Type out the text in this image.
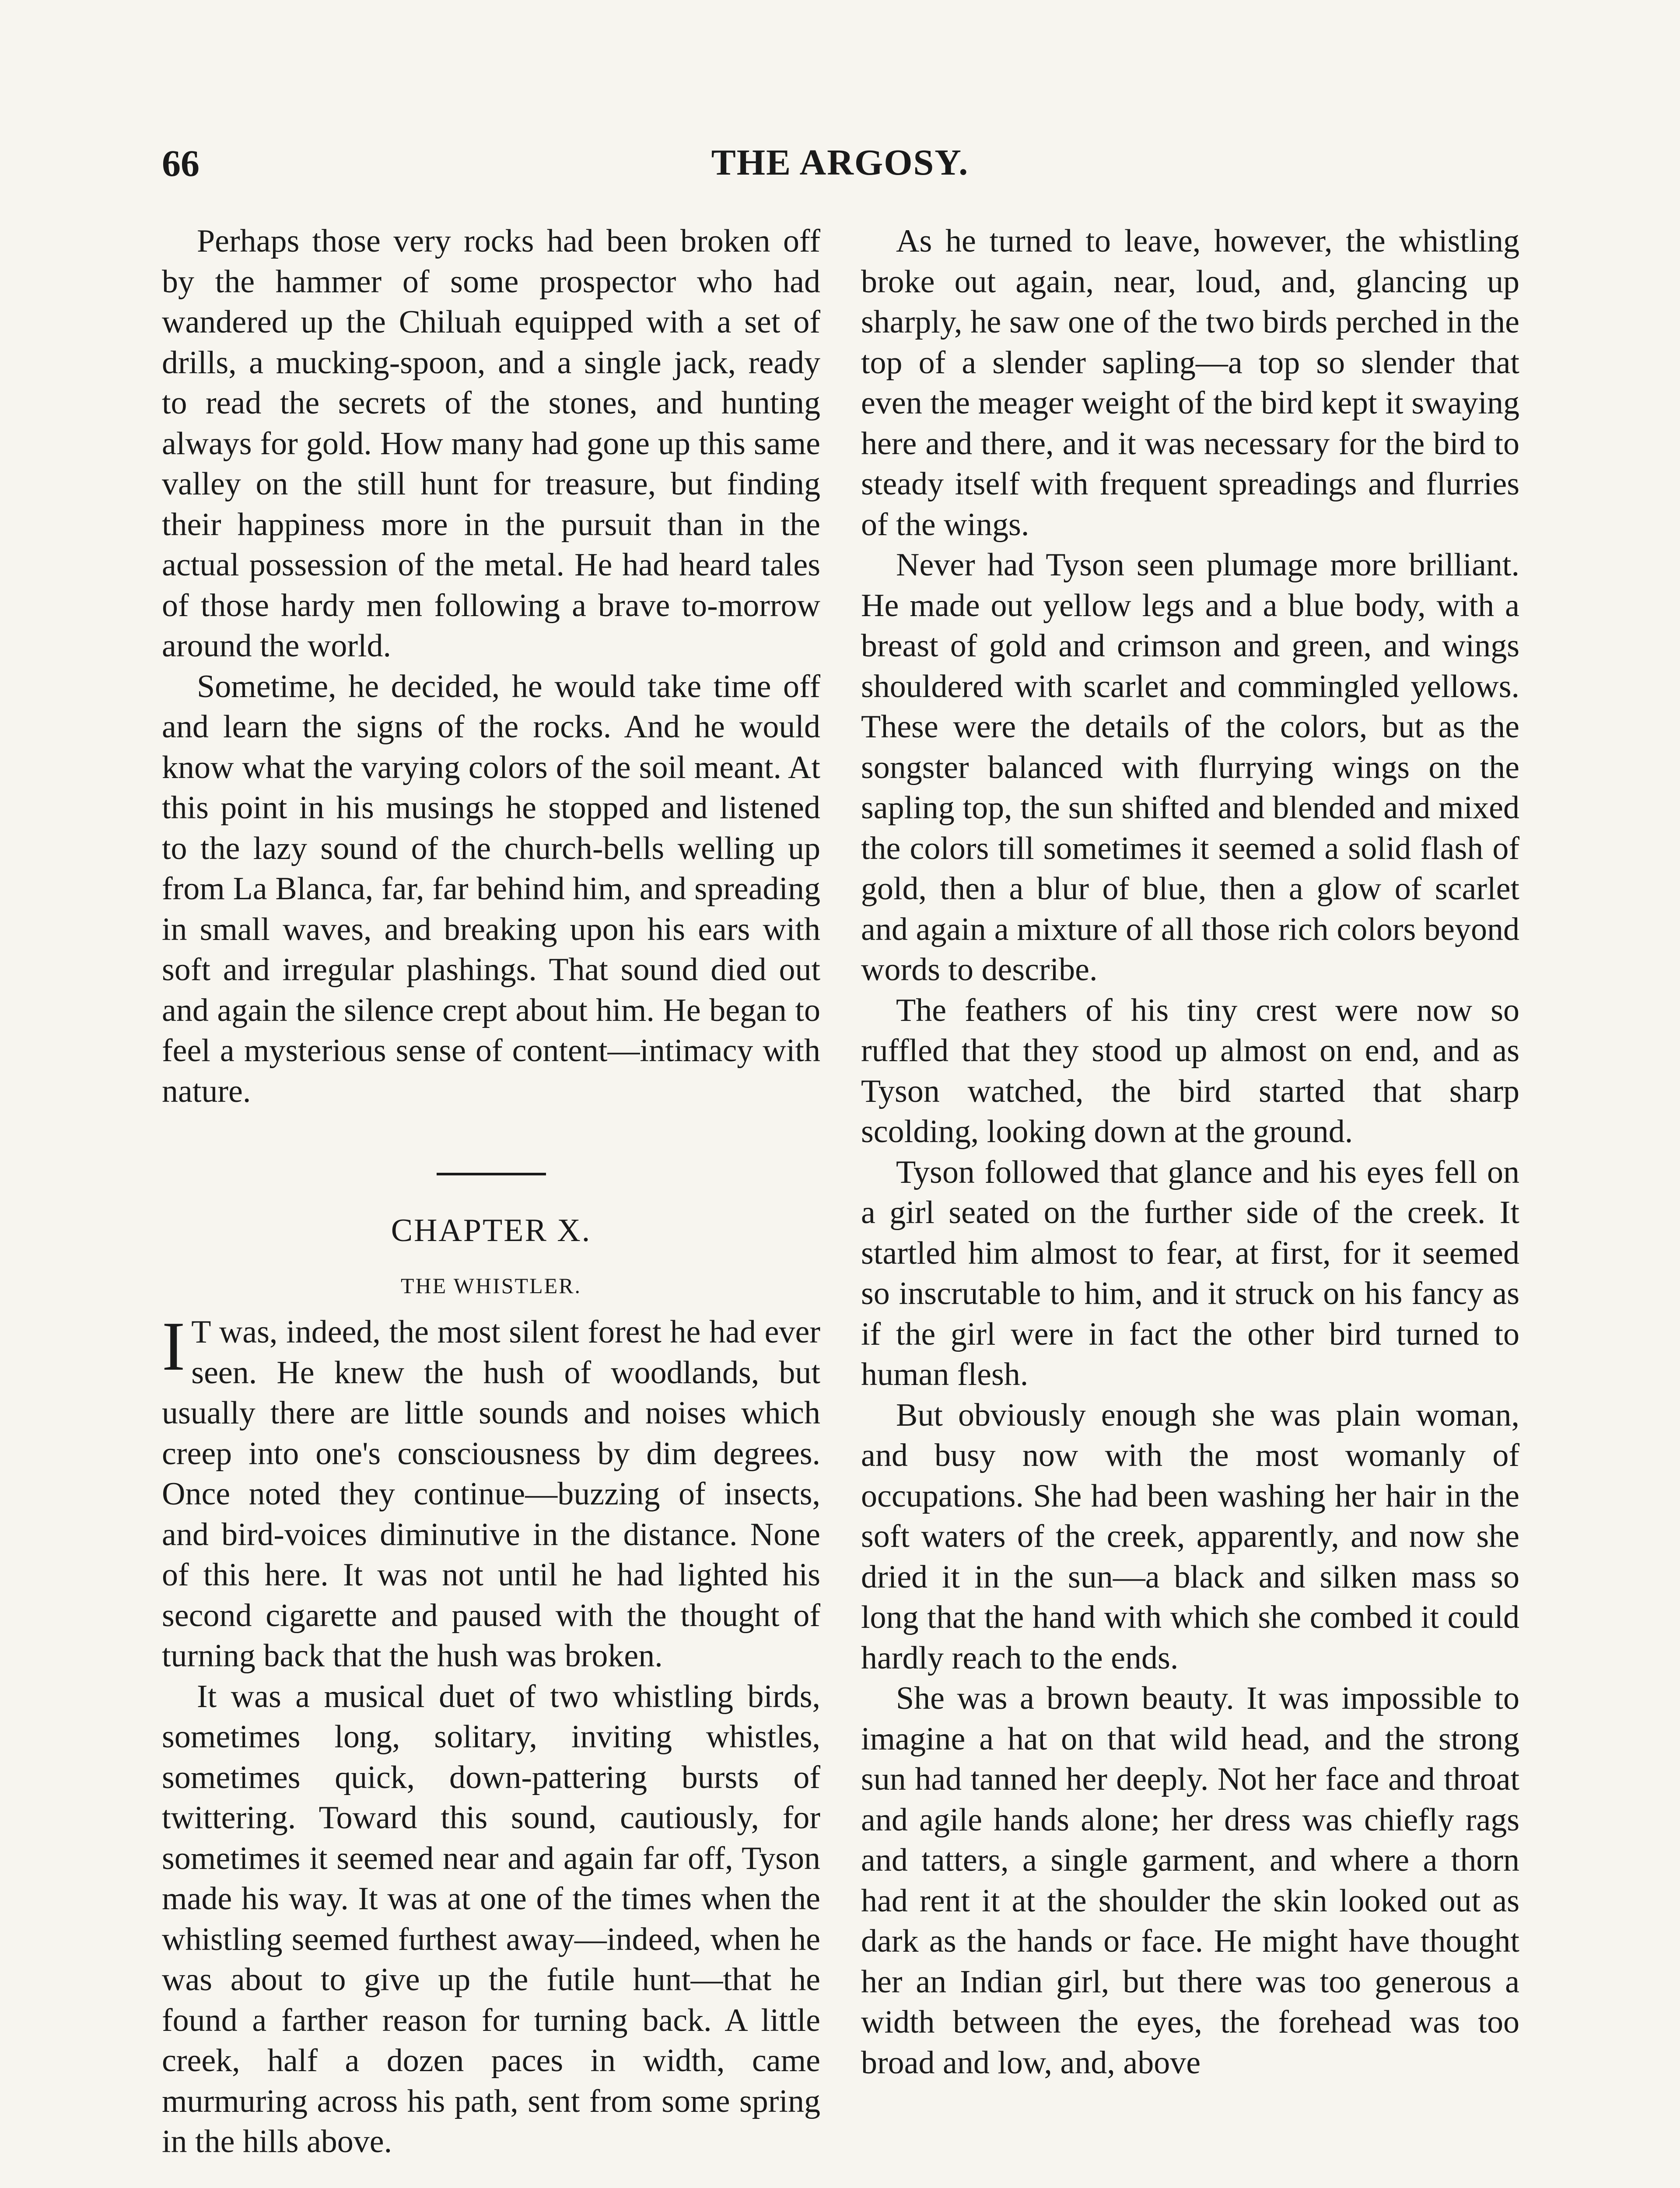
66	THE ARGOSY.

Perhaps those very rocks had been broken off by the hammer of some prospector who had wandered up the Chiluah equipped with a set of drills, a mucking-spoon, and a single jack, ready to read the secrets of the stones, and hunting always for gold. How many had gone up this same valley on the still hunt for treasure, but finding their happiness more in the pursuit than in the actual possession of the metal. He had heard tales of those hardy men following a brave to-morrow around the world.

Sometime, he decided, he would take time off and learn the signs of the rocks. And he would know what the varying colors of the soil meant. At this point in his musings he stopped and listened to the lazy sound of the church-bells welling up from La Blanca, far, far behind him, and spreading in small waves, and breaking upon his ears with soft and irregular plashings. That sound died out and again the silence crept about him. He began to feel a mysterious sense of content—intimacy with nature.

CHAPTER X.
THE WHISTLER.

I T was, indeed, the most silent forest he had ever seen. He knew the hush of woodlands, but usually there are little sounds and noises which creep into one's consciousness by dim degrees. Once noted they continue—buzzing of insects, and bird-voices diminutive in the distance. None of this here. It was not until he had lighted his second cigarette and paused with the thought of turning back that the hush was broken.

It was a musical duet of two whistling birds, sometimes long, solitary, inviting whistles, sometimes quick, down-pattering bursts of twittering. Toward this sound, cautiously, for sometimes it seemed near and again far off, Tyson made his way. It was at one of the times when the whistling seemed furthest away—indeed, when he was about to give up the futile hunt—that he found a farther reason for turning back. A little creek, half a dozen paces in width, came murmuring across his path, sent from some spring in the hills above.

As he turned to leave, however, the whistling broke out again, near, loud, and, glancing up sharply, he saw one of the two birds perched in the top of a slender sapling—a top so slender that even the meager weight of the bird kept it swaying here and there, and it was necessary for the bird to steady itself with frequent spreadings and flurries of the wings.

Never had Tyson seen plumage more brilliant. He made out yellow legs and a blue body, with a breast of gold and crimson and green, and wings shouldered with scarlet and commingled yellows. These were the details of the colors, but as the songster balanced with flurrying wings on the sapling top, the sun shifted and blended and mixed the colors till sometimes it seemed a solid flash of gold, then a blur of blue, then a glow of scarlet and again a mixture of all those rich colors beyond words to describe.

The feathers of his tiny crest were now so ruffled that they stood up almost on end, and as Tyson watched, the bird started that sharp scolding, looking down at the ground.

Tyson followed that glance and his eyes fell on a girl seated on the further side of the creek. It startled him almost to fear, at first, for it seemed so inscrutable to him, and it struck on his fancy as if the girl were in fact the other bird turned to human flesh.

But obviously enough she was plain woman, and busy now with the most womanly of occupations. She had been washing her hair in the soft waters of the creek, apparently, and now she dried it in the sun—a black and silken mass so long that the hand with which she combed it could hardly reach to the ends.

She was a brown beauty. It was impossible to imagine a hat on that wild head, and the strong sun had tanned her deeply. Not her face and throat and agile hands alone; her dress was chiefly rags and tatters, a single garment, and where a thorn had rent it at the shoulder the skin looked out as dark as the hands or face. He might have thought her an Indian girl, but there was too generous a width between the eyes, the forehead was too broad and low, and, above
